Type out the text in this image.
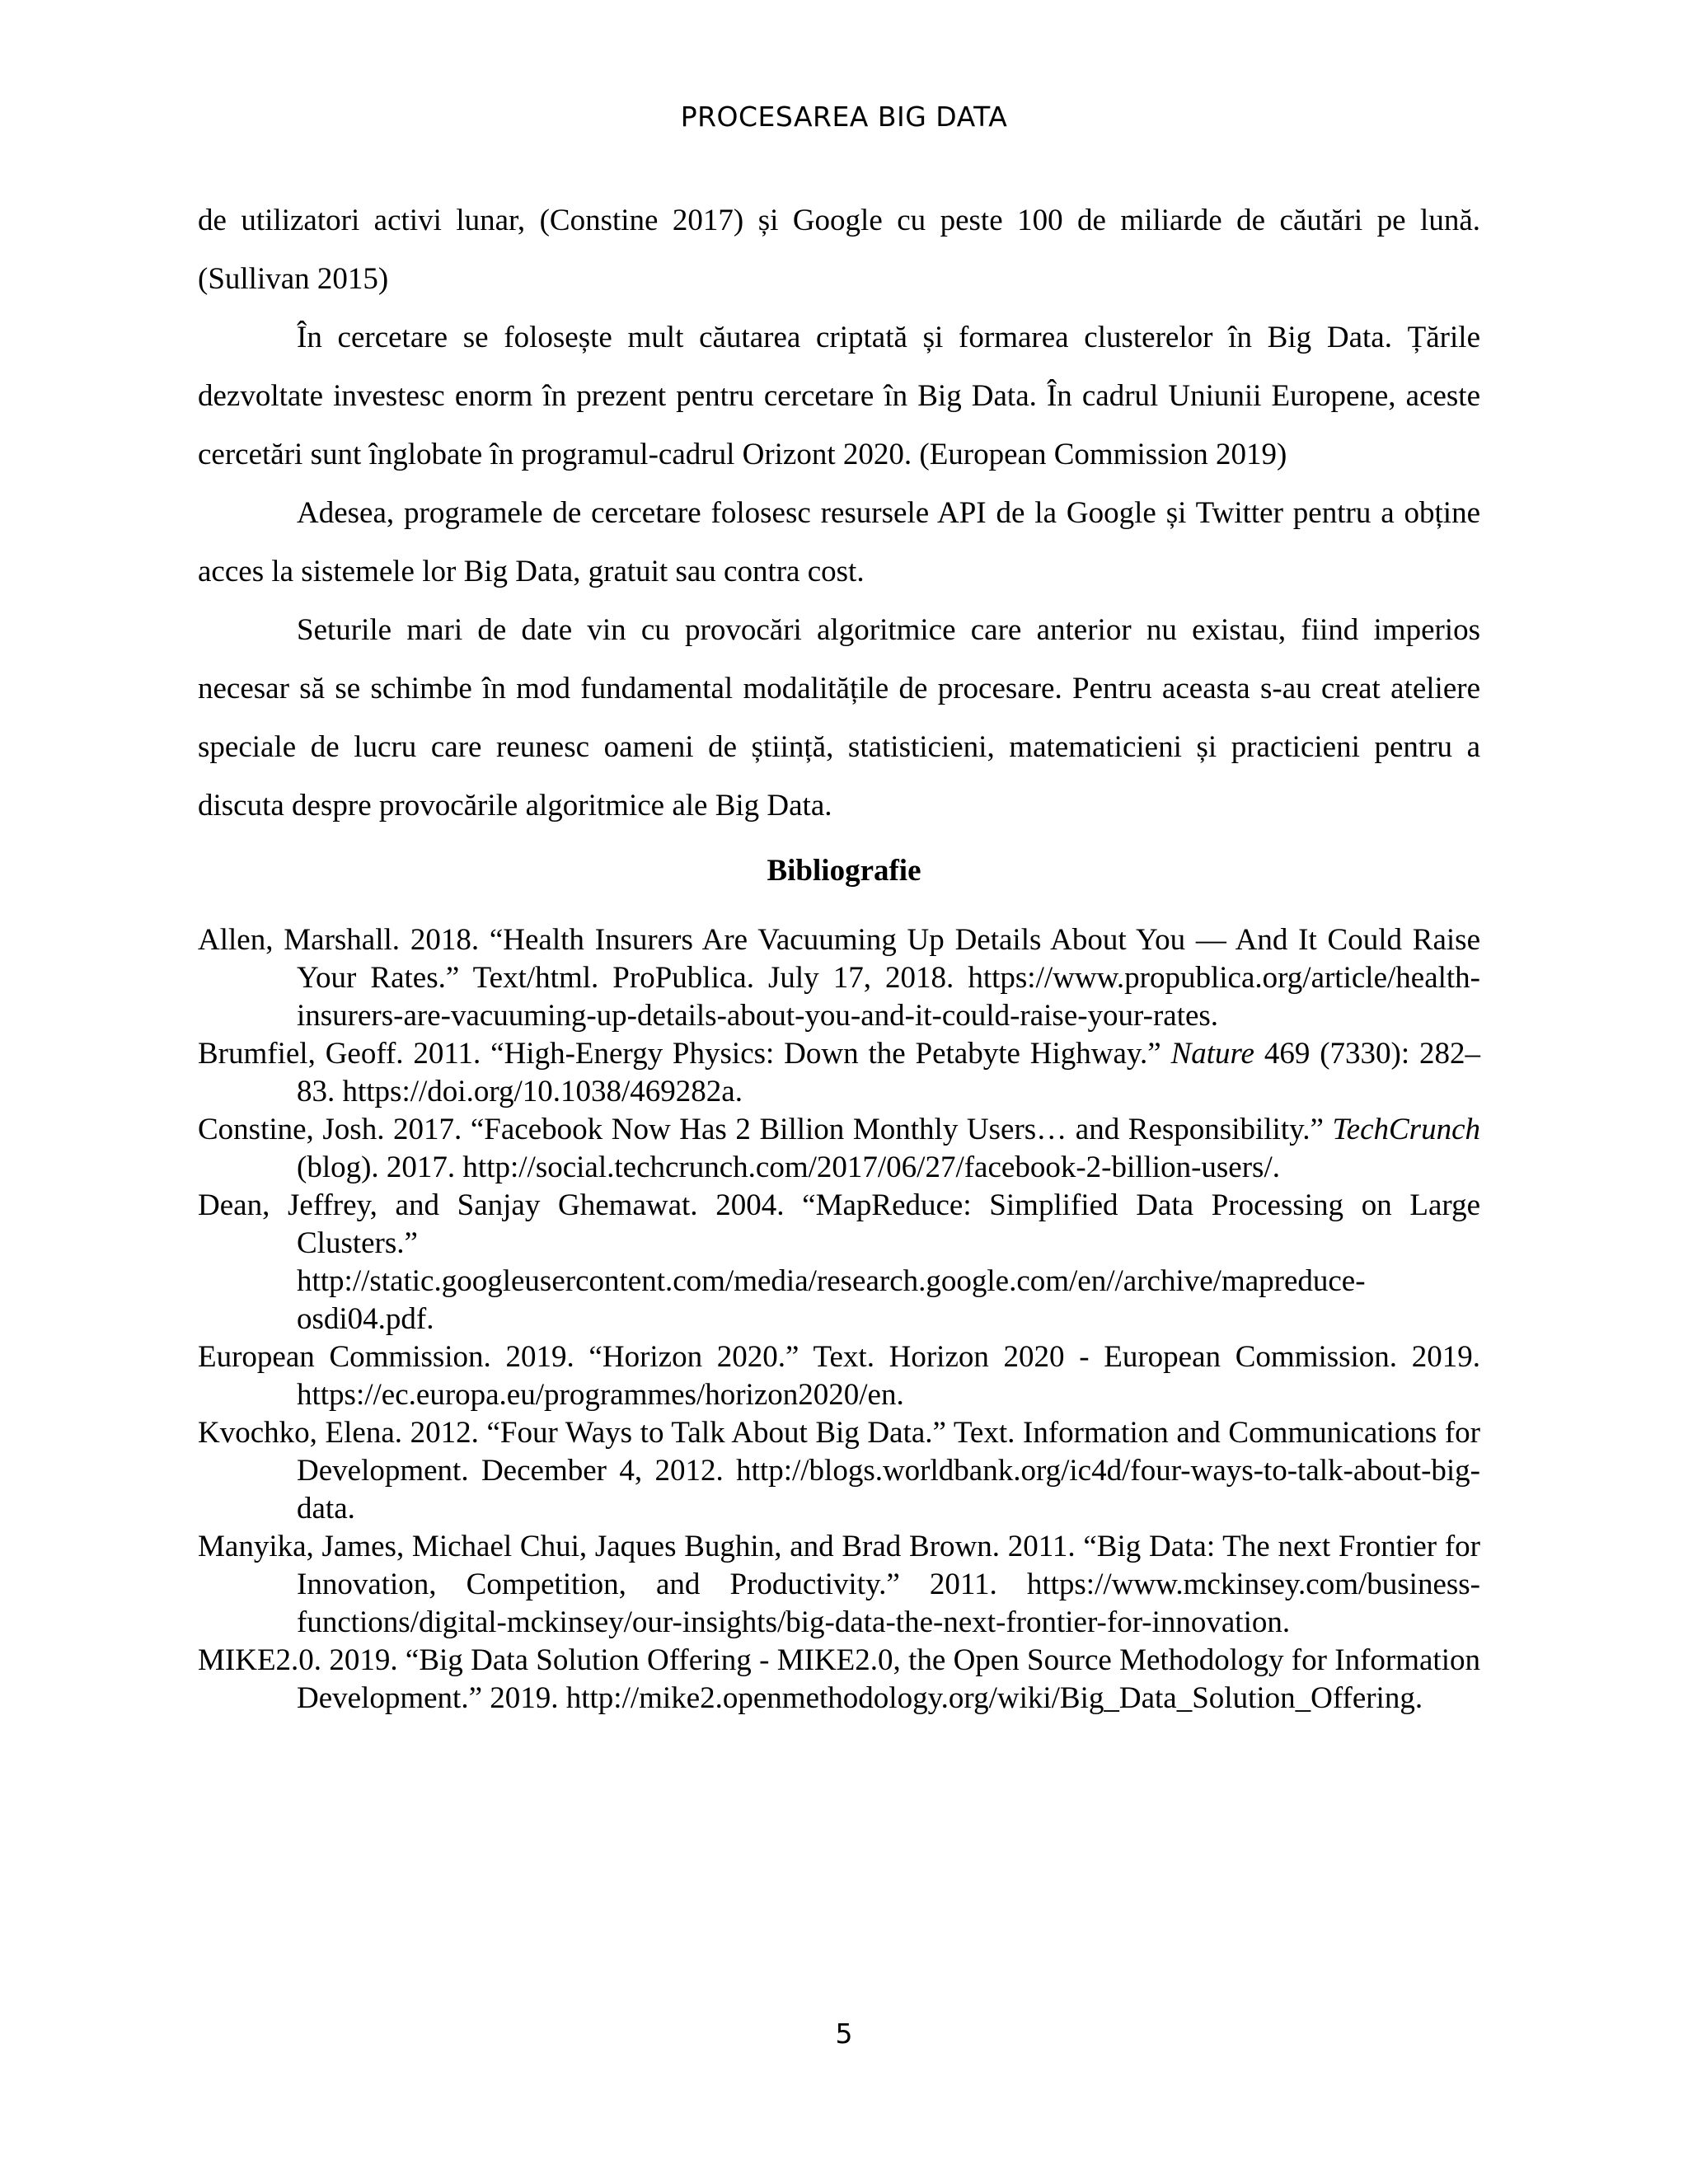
PROCESAREA BIG DATA

de utilizatori activi lunar, (Constine 2017) și Google cu peste 100 de miliarde de căutări pe lună. (Sullivan 2015)

În cercetare se folosește mult căutarea criptată și formarea clusterelor în Big Data. Țările dezvoltate investesc enorm în prezent pentru cercetare în Big Data. În cadrul Uniunii Europene, aceste cercetări sunt înglobate în programul-cadrul Orizont 2020. (European Commission 2019)

Adesea, programele de cercetare folosesc resursele API de la Google și Twitter pentru a obține acces la sistemele lor Big Data, gratuit sau contra cost.

Seturile mari de date vin cu provocări algoritmice care anterior nu existau, fiind imperios necesar să se schimbe în mod fundamental modalitățile de procesare. Pentru aceasta s-au creat ateliere speciale de lucru care reunesc oameni de știință, statisticieni, matematicieni și practicieni pentru a discuta despre provocările algoritmice ale Big Data.

Bibliografie
Allen, Marshall. 2018. “Health Insurers Are Vacuuming Up Details About You — And It Could Raise Your Rates.” Text/html. ProPublica. July 17, 2018. https://www.propublica.org/article/health-insurers-are-vacuuming-up-details-about-you-and-it-could-raise-your-rates.
Brumfiel, Geoff. 2011. “High-Energy Physics: Down the Petabyte Highway.” Nature 469 (7330): 282–83. https://doi.org/10.1038/469282a.
Constine, Josh. 2017. “Facebook Now Has 2 Billion Monthly Users… and Responsibility.” TechCrunch (blog). 2017. http://social.techcrunch.com/2017/06/27/facebook-2-billion-users/.
Dean, Jeffrey, and Sanjay Ghemawat. 2004. “MapReduce: Simplified Data Processing on Large Clusters.” http://static.googleusercontent.com/media/research.google.com/en//archive/mapreduce-osdi04.pdf.
European Commission. 2019. “Horizon 2020.” Text. Horizon 2020 - European Commission. 2019. https://ec.europa.eu/programmes/horizon2020/en.
Kvochko, Elena. 2012. “Four Ways to Talk About Big Data.” Text. Information and Communications for Development. December 4, 2012. http://blogs.worldbank.org/ic4d/four-ways-to-talk-about-big-data.
Manyika, James, Michael Chui, Jaques Bughin, and Brad Brown. 2011. “Big Data: The next Frontier for Innovation, Competition, and Productivity.” 2011. https://www.mckinsey.com/business-functions/digital-mckinsey/our-insights/big-data-the-next-frontier-for-innovation.
MIKE2.0. 2019. “Big Data Solution Offering - MIKE2.0, the Open Source Methodology for Information Development.” 2019. http://mike2.openmethodology.org/wiki/Big_Data_Solution_Offering.
5
